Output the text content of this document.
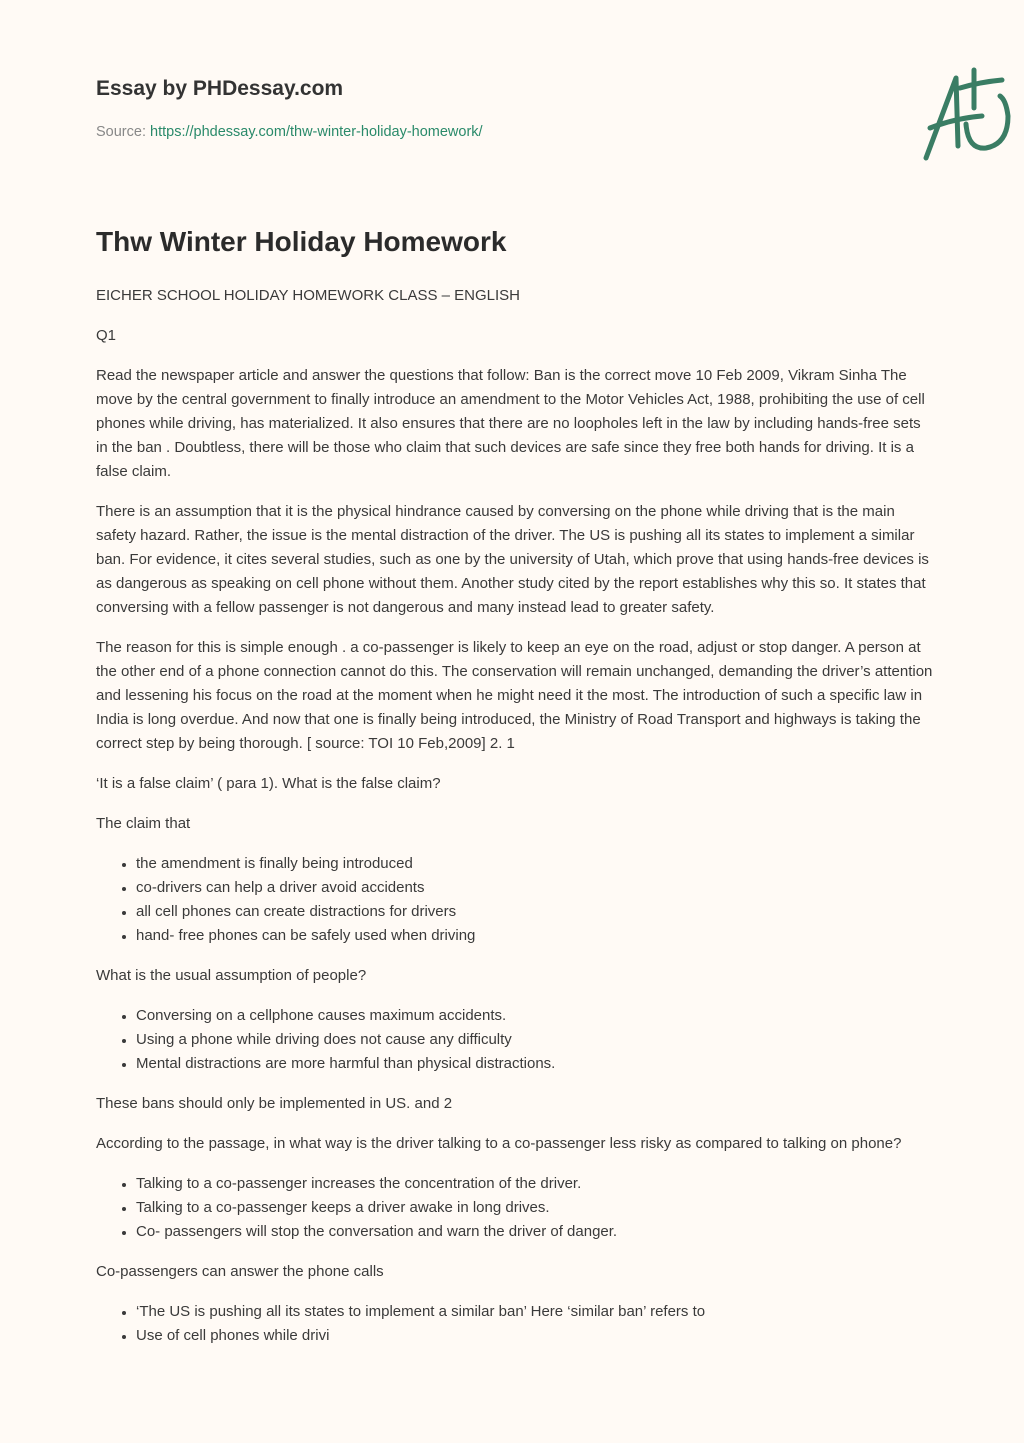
Essay by PHDessay.com

Source: https://phdessay.com/thw-winter-holiday-homework/
Thw Winter Holiday Homework

EICHER SCHOOL HOLIDAY HOMEWORK CLASS – ENGLISH

Q1

Read the newspaper article and answer the questions that follow: Ban is the correct move 10 Feb 2009, Vikram Sinha The move by the central government to finally introduce an amendment to the Motor Vehicles Act, 1988, prohibiting the use of cell phones while driving, has materialized. It also ensures that there are no loopholes left in the law by including hands-free sets in the ban . Doubtless, there will be those who claim that such devices are safe since they free both hands for driving. It is a false claim.

There is an assumption that it is the physical hindrance caused by conversing on the phone while driving that is the main safety hazard. Rather, the issue is the mental distraction of the driver. The US is pushing all its states to implement a similar ban. For evidence, it cites several studies, such as one by the university of Utah, which prove that using hands-free devices is as dangerous as speaking on cell phone without them. Another study cited by the report establishes why this so. It states that conversing with a fellow passenger is not dangerous and many instead lead to greater safety.

The reason for this is simple enough . a co-passenger is likely to keep an eye on the road, adjust or stop danger. A person at the other end of a phone connection cannot do this. The conservation will remain unchanged, demanding the driver’s attention and lessening his focus on the road at the moment when he might need it the most. The introduction of such a specific law in India is long overdue. And now that one is finally being introduced, the Ministry of Road Transport and highways is taking the correct step by being thorough. [ source: TOI 10 Feb,2009] 2. 1

‘It is a false claim’ ( para 1). What is the false claim?

The claim that

• the amendment is finally being introduced
• co-drivers can help a driver avoid accidents
• all cell phones can create distractions for drivers
• hand- free phones can be safely used when driving

What is the usual assumption of people?

• Conversing on a cellphone causes maximum accidents.
• Using a phone while driving does not cause any difficulty
• Mental distractions are more harmful than physical distractions.

These bans should only be implemented in US. and 2

According to the passage, in what way is the driver talking to a co-passenger less risky as compared to talking on phone?

• Talking to a co-passenger increases the concentration of the driver.
• Talking to a co-passenger keeps a driver awake in long drives.
• Co- passengers will stop the conversation and warn the driver of danger.

Co-passengers can answer the phone calls

• ‘The US is pushing all its states to implement a similar ban’ Here ‘similar ban’ refers to
• Use of cell phones while drivi
